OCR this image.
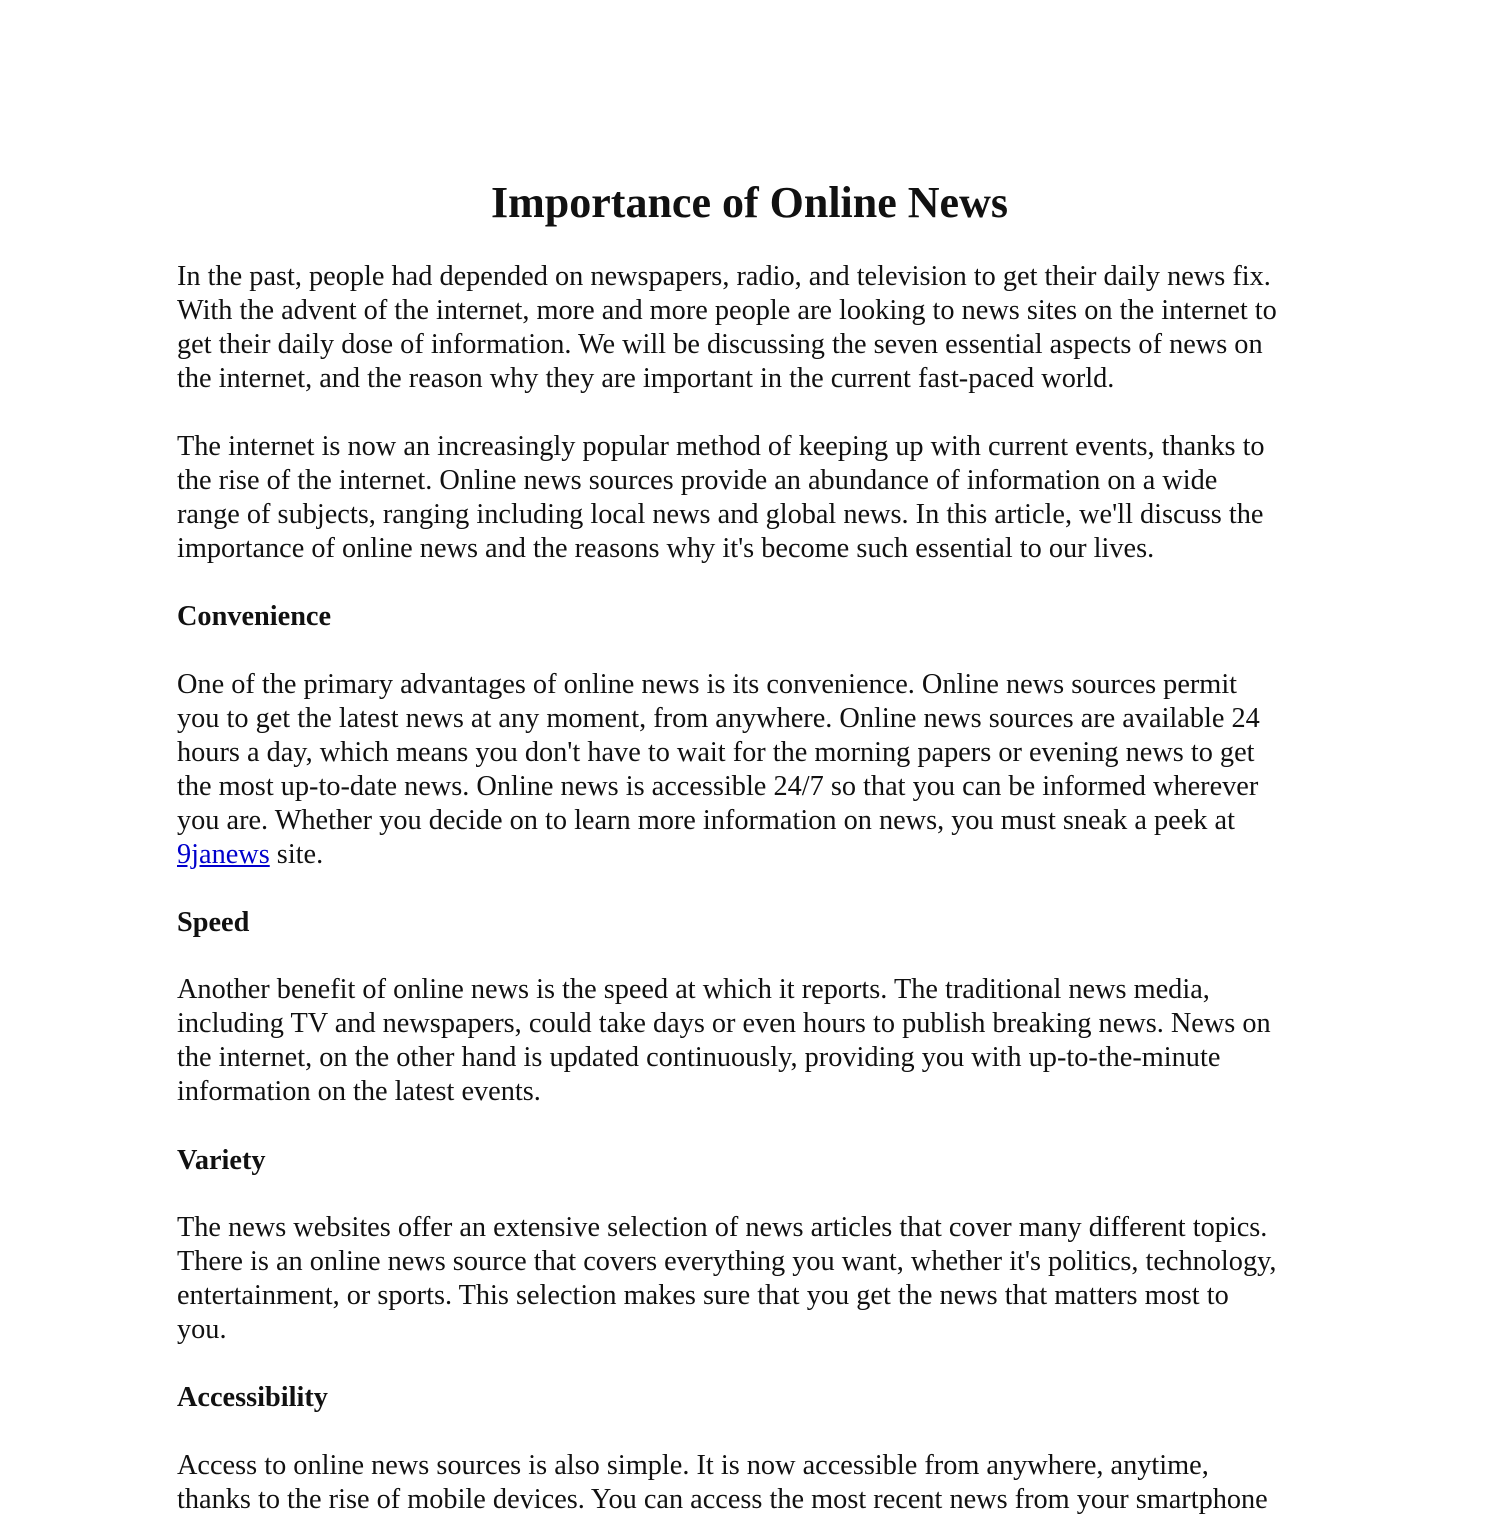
Importance of Online News

In the past, people had depended on newspapers, radio, and television to get their daily news fix.
With the advent of the internet, more and more people are looking to news sites on the internet to
get their daily dose of information. We will be discussing the seven essential aspects of news on
the internet, and the reason why they are important in the current fast-paced world.

The internet is now an increasingly popular method of keeping up with current events, thanks to
the rise of the internet. Online news sources provide an abundance of information on a wide
range of subjects, ranging including local news and global news. In this article, we'll discuss the
importance of online news and the reasons why it's become such essential to our lives.

Convenience

One of the primary advantages of online news is its convenience. Online news sources permit
you to get the latest news at any moment, from anywhere. Online news sources are available 24
hours a day, which means you don't have to wait for the morning papers or evening news to get
the most up-to-date news. Online news is accessible 24/7 so that you can be informed wherever
you are. Whether you decide on to learn more information on news, you must sneak a peek at
9janews site.

Speed

Another benefit of online news is the speed at which it reports. The traditional news media,
including TV and newspapers, could take days or even hours to publish breaking news. News on
the internet, on the other hand is updated continuously, providing you with up-to-the-minute
information on the latest events.

Variety

The news websites offer an extensive selection of news articles that cover many different topics.
There is an online news source that covers everything you want, whether it's politics, technology,
entertainment, or sports. This selection makes sure that you get the news that matters most to
you.

Accessibility

Access to online news sources is also simple. It is now accessible from anywhere, anytime,
thanks to the rise of mobile devices. You can access the most recent news from your smartphone
